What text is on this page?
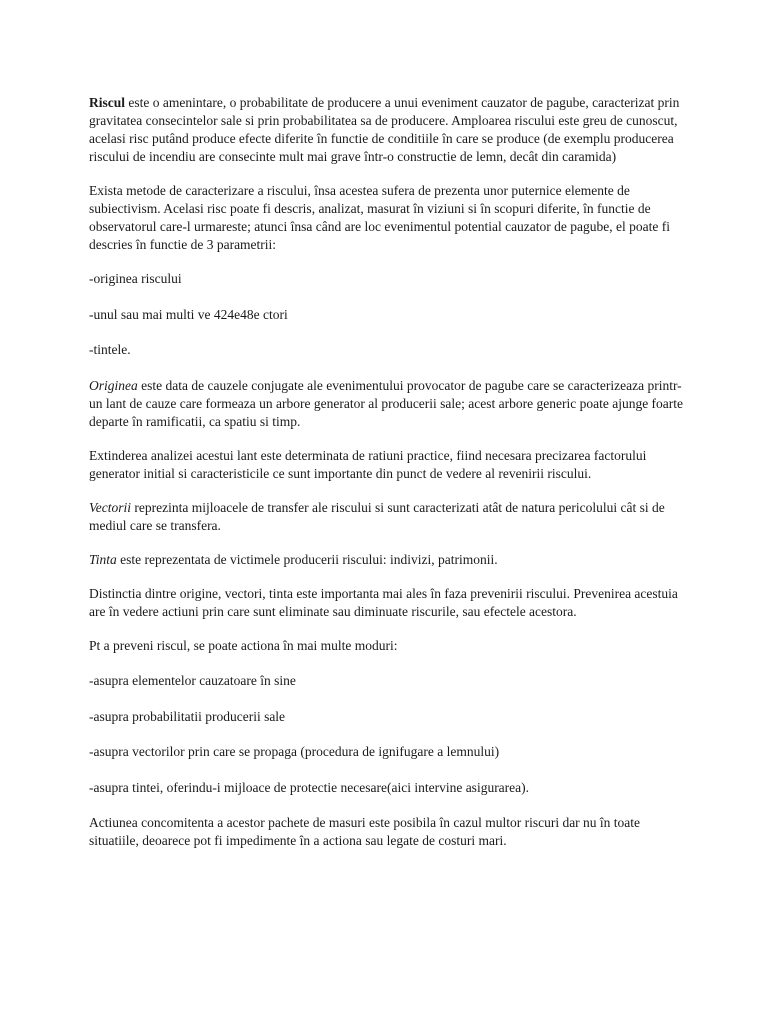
Riscul este o amenintare, o probabilitate de producere a unui eveniment cauzator de pagube, caracterizat prin gravitatea consecintelor sale si prin probabilitatea sa de producere. Amploarea riscului este greu de cunoscut, acelasi risc putând produce efecte diferite în functie de conditiile în care se produce (de exemplu producerea riscului de incendiu are consecinte mult mai grave într-o constructie de lemn, decât din caramida)

Exista metode de caracterizare a riscului, însa acestea sufera de prezenta unor puternice elemente de subiectivism. Acelasi risc poate fi descris, analizat, masurat în viziuni si în scopuri diferite, în functie de observatorul care-l urmareste; atunci însa când are loc evenimentul potential cauzator de pagube, el poate fi descries în functie de 3 parametrii:

-originea riscului

-unul sau mai multi ve 424e48e ctori

-tintele.

Originea este data de cauzele conjugate ale evenimentului provocator de pagube care se caracterizeaza printr-un lant de cauze care formeaza un arbore generator al producerii sale; acest arbore generic poate ajunge foarte departe în ramificatii, ca spatiu si timp.

Extinderea analizei acestui lant este determinata de ratiuni practice, fiind necesara precizarea factorului generator initial si caracteristicile ce sunt importante din punct de vedere al revenirii riscului.

Vectorii reprezinta mijloacele de transfer ale riscului si sunt caracterizati atât de natura pericolului cât si de mediul care se transfera.

Tinta este reprezentata de victimele producerii riscului: indivizi, patrimonii.

Distinctia dintre origine, vectori, tinta este importanta mai ales în faza prevenirii riscului. Prevenirea acestuia are în vedere actiuni prin care sunt eliminate sau diminuate riscurile, sau efectele acestora.

Pt a preveni riscul, se poate actiona în mai multe moduri:

-asupra elementelor cauzatoare în sine

-asupra probabilitatii producerii sale

-asupra vectorilor prin care se propaga (procedura de ignifugare a lemnului)

-asupra tintei, oferindu-i mijloace de protectie necesare(aici intervine asigurarea).

Actiunea concomitenta a acestor pachete de masuri este posibila în cazul multor riscuri dar nu în toate situatiile, deoarece pot fi impedimente în a actiona sau legate de costuri mari.
